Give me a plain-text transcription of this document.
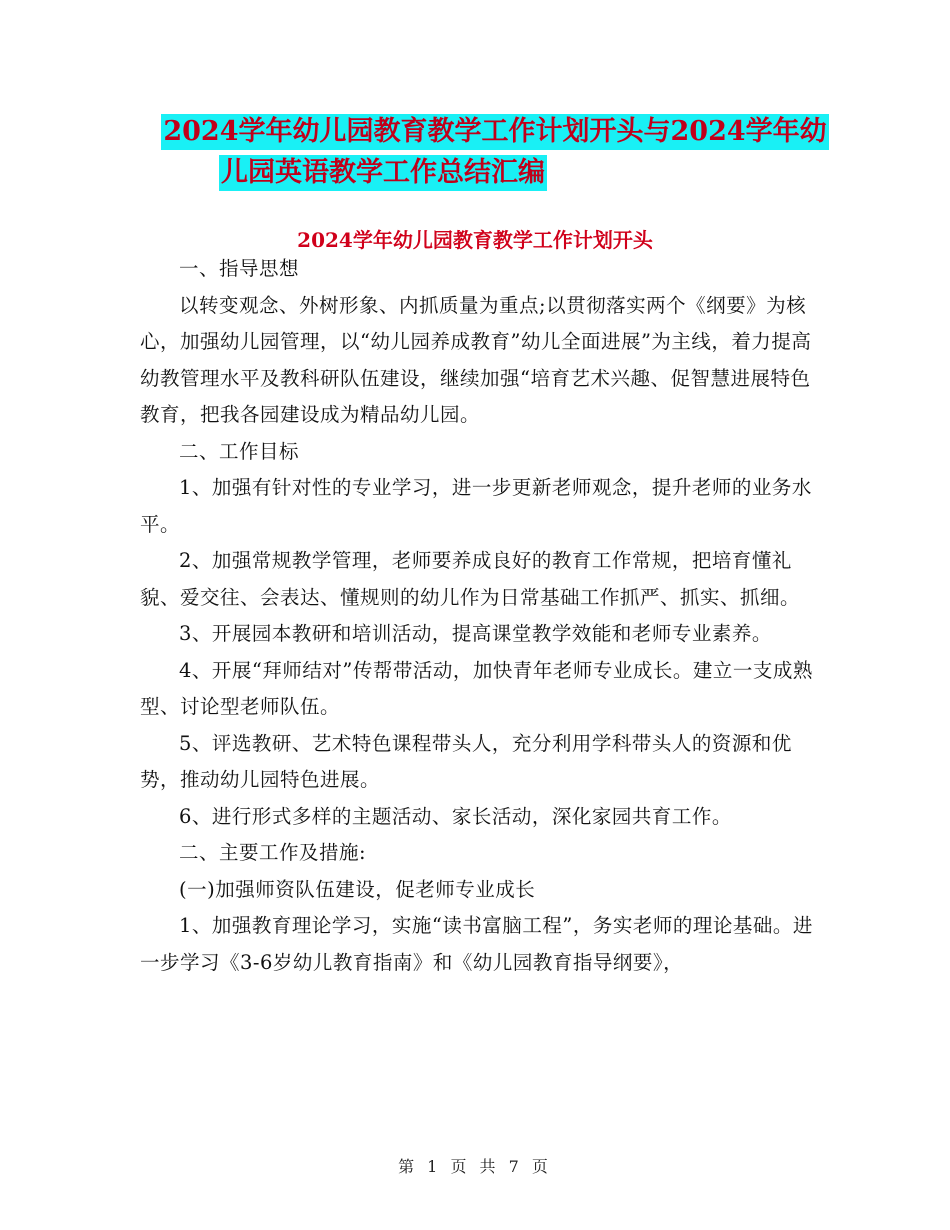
2024学年幼儿园教育教学工作计划开头与2024学年幼
儿园英语教学工作总结汇编
2024学年幼儿园教育教学工作计划开头

一、指导思想

以转变观念、外树形象、内抓质量为重点;以贯彻落实两个《纲要》为核心，加强幼儿园管理，以“幼儿园养成教育”幼儿全面进展”为主线，着力提高幼教管理水平及教科研队伍建设，继续加强“培育艺术兴趣、促智慧进展特色教育，把我各园建设成为精品幼儿园。

二、工作目标

1、加强有针对性的专业学习，进一步更新老师观念，提升老师的业务水平。

2、加强常规教学管理，老师要养成良好的教育工作常规，把培育懂礼貌、爱交往、会表达、懂规则的幼儿作为日常基础工作抓严、抓实、抓细。

3、开展园本教研和培训活动，提高课堂教学效能和老师专业素养。

4、开展“拜师结对”传帮带活动，加快青年老师专业成长。建立一支成熟型、讨论型老师队伍。

5、评选教研、艺术特色课程带头人，充分利用学科带头人的资源和优势，推动幼儿园特色进展。

6、进行形式多样的主题活动、家长活动，深化家园共育工作。

二、主要工作及措施:

(一)加强师资队伍建设，促老师专业成长

1、加强教育理论学习，实施“读书富脑工程”，务实老师的理论基础。进一步学习《3-6岁幼儿教育指南》和《幼儿园教育指导纲要》，

第 1 页 共 7 页
